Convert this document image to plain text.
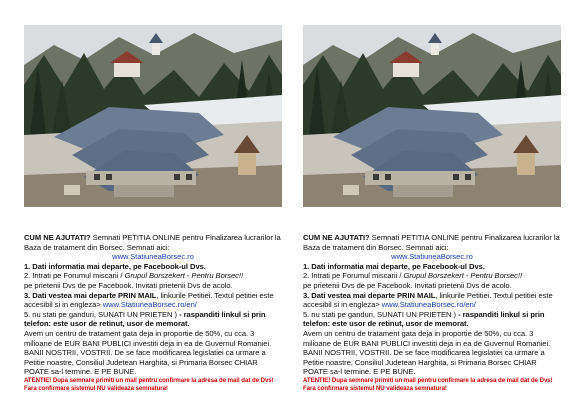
CUM NE AJUTATI? Semnati PETITIA ONLINE pentru Finalizarea lucrarilor la Baza de tratament din Borsec. Semnati aici:

www.StatiuneaBorsec.ro

1. Dati informatia mai departe, pe Facebook-ul Dvs.

2. Intrati pe Forumul miscarii / Grupul Borszekert - Pentru Borsec!!
pe prietenii Dvs de pe Facebook. Invitati prietenii Dvs de acolo.

3. Dati vestea mai departe PRIN MAIL, linkurile Petitiei. Textul petitiei este accesibil si in engleza> www.StatiuneaBorsec.ro/en/

5. nu stati pe ganduri, SUNATI UN PRIETEN ) - raspanditi linkul si prin telefon: este usor de retinut, usor de memorat.

Avem un centru de tratament gata deja in proportie de 50%, cu cca. 3 milioane de EUR BANI PUBLICI investiti deja in ea de Guvernul Romaniei. BANII NOSTRII, VOSTRII. De se face modificarea legislatiei ca urmare a Petitie noastre, Consiliul Judetean Harghita, si Primaria Borsec CHIAR POATE sa-l termine. E PE BUNE.

ATENTIE! Dupa semnare primiti un mail pentru confirmare la adresa de mail dat de Dvs! Fara confirmare sistemul NU valideaza semnatura!

CUM NE AJUTATI? Semnati PETITIA ONLINE pentru Finalizarea lucrarilor la Baza de tratament din Borsec. Semnati aici:

www.StatiuneaBorsec.ro

1. Dati informatia mai departe, pe Facebook-ul Dvs.

2. Intrati pe Forumul miscarii / Grupul Borszekert - Pentru Borsec!!
pe prietenii Dvs de pe Facebook. Invitati prietenii Dvs de acolo.

3. Dati vestea mai departe PRIN MAIL, linkurile Petitiei. Textul petitiei este accesibil si in engleza> www.StatiuneaBorsec.ro/en/

5. nu stati pe ganduri, SUNATI UN PRIETEN ) - raspanditi linkul si prin telefon: este usor de retinut, usor de memorat.

Avem un centru de tratament gata deja in proportie de 50%, cu cca. 3 milioane de EUR BANI PUBLICI investiti deja in ea de Guvernul Romaniei. BANII NOSTRII, VOSTRII. De se face modificarea legislatiei ca urmare a Petitie noastre, Consiliul Judetean Harghita, si Primaria Borsec CHIAR POATE sa-l termine. E PE BUNE.

ATENTIE! Dupa semnare primiti un mail pentru confirmare la adresa de mail dat de Dvs! Fara confirmare sistemul NU valideaza semnatura!
